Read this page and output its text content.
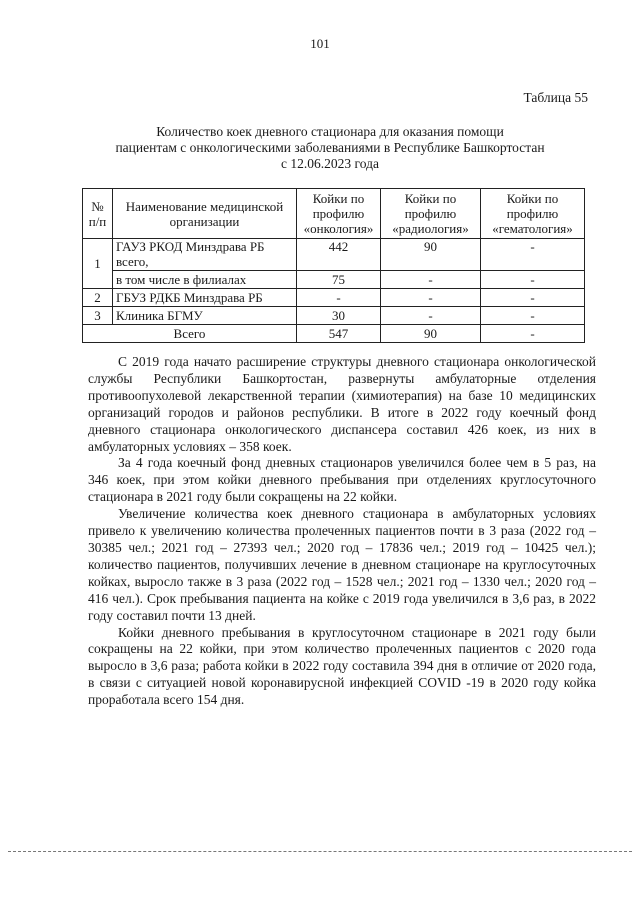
101
Таблица 55
Количество коек дневного стационара для оказания помощи
пациентам с онкологическими заболеваниями в Республике Башкортостан
с 12.06.2023 года
№ п/п	Наименование медицинской организации	Койки по профилю «онкология»	Койки по профилю «радиология»	Койки по профилю «гематология»
1	ГАУЗ РКОД Минздрава РБ всего,	442	90	-
	в том числе в филиалах	75	-	-
2	ГБУЗ РДКБ Минздрава РБ	-	-	-
3	Клиника БГМУ	30	-	-
Всего		547	90	-

С 2019 года начато расширение структуры дневного стационара онкологической службы Республики Башкортостан, развернуты амбулаторные отделения противоопухолевой лекарственной терапии (химиотерапия) на базе 10 медицинских организаций городов и районов республики. В итоге в 2022 году коечный фонд дневного стационара онкологического диспансера составил 426 коек, из них в амбулаторных условиях – 358 коек.

За 4 года коечный фонд дневных стационаров увеличился более чем в 5 раз, на 346 коек, при этом койки дневного пребывания при отделениях круглосуточного стационара в 2021 году были сокращены на 22 койки.

Увеличение количества коек дневного стационара в амбулаторных условиях привело к увеличению количества пролеченных пациентов почти в 3 раза (2022 год – 30385 чел.; 2021 год – 27393 чел.; 2020 год – 17836 чел.; 2019 год – 10425 чел.); количество пациентов, получивших лечение в дневном стационаре на круглосуточных койках, выросло также в 3 раза (2022 год – 1528 чел.; 2021 год – 1330 чел.; 2020 год – 416 чел.). Срок пребывания пациента на койке с 2019 года увеличился в 3,6 раз, в 2022 году составил почти 13 дней.

Койки дневного пребывания в круглосуточном стационаре в 2021 году были сокращены на 22 койки, при этом количество пролеченных пациентов с 2020 года выросло в 3,6 раза; работа койки в 2022 году составила 394 дня в отличие от 2020 года, в связи с ситуацией новой коронавирусной инфекцией COVID -19 в 2020 году койка проработала всего 154 дня.
